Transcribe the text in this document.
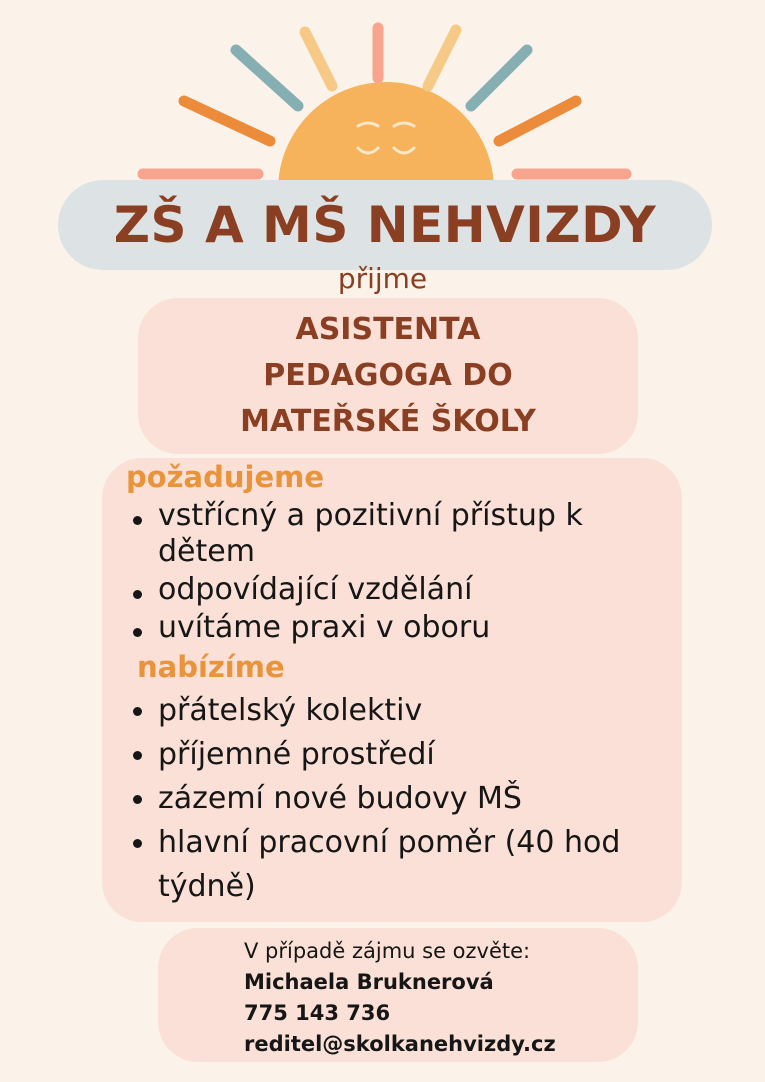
ZŠ A MŠ NEHVIZDY
přijme
ASISTENTA
PEDAGOGA DO
MATEŘSKÉ ŠKOLY
požadujeme
vstřícný a pozitivní přístup k dětem
odpovídající vzdělání
uvítáme praxi v oboru
nabízíme
přátelský kolektiv
příjemné prostředí
zázemí nové budovy MŠ
hlavní pracovní poměr (40 hod týdně)
V případě zájmu se ozvěte:
Michaela Bruknerová
775 143 736
reditel@skolkanehvizdy.cz
